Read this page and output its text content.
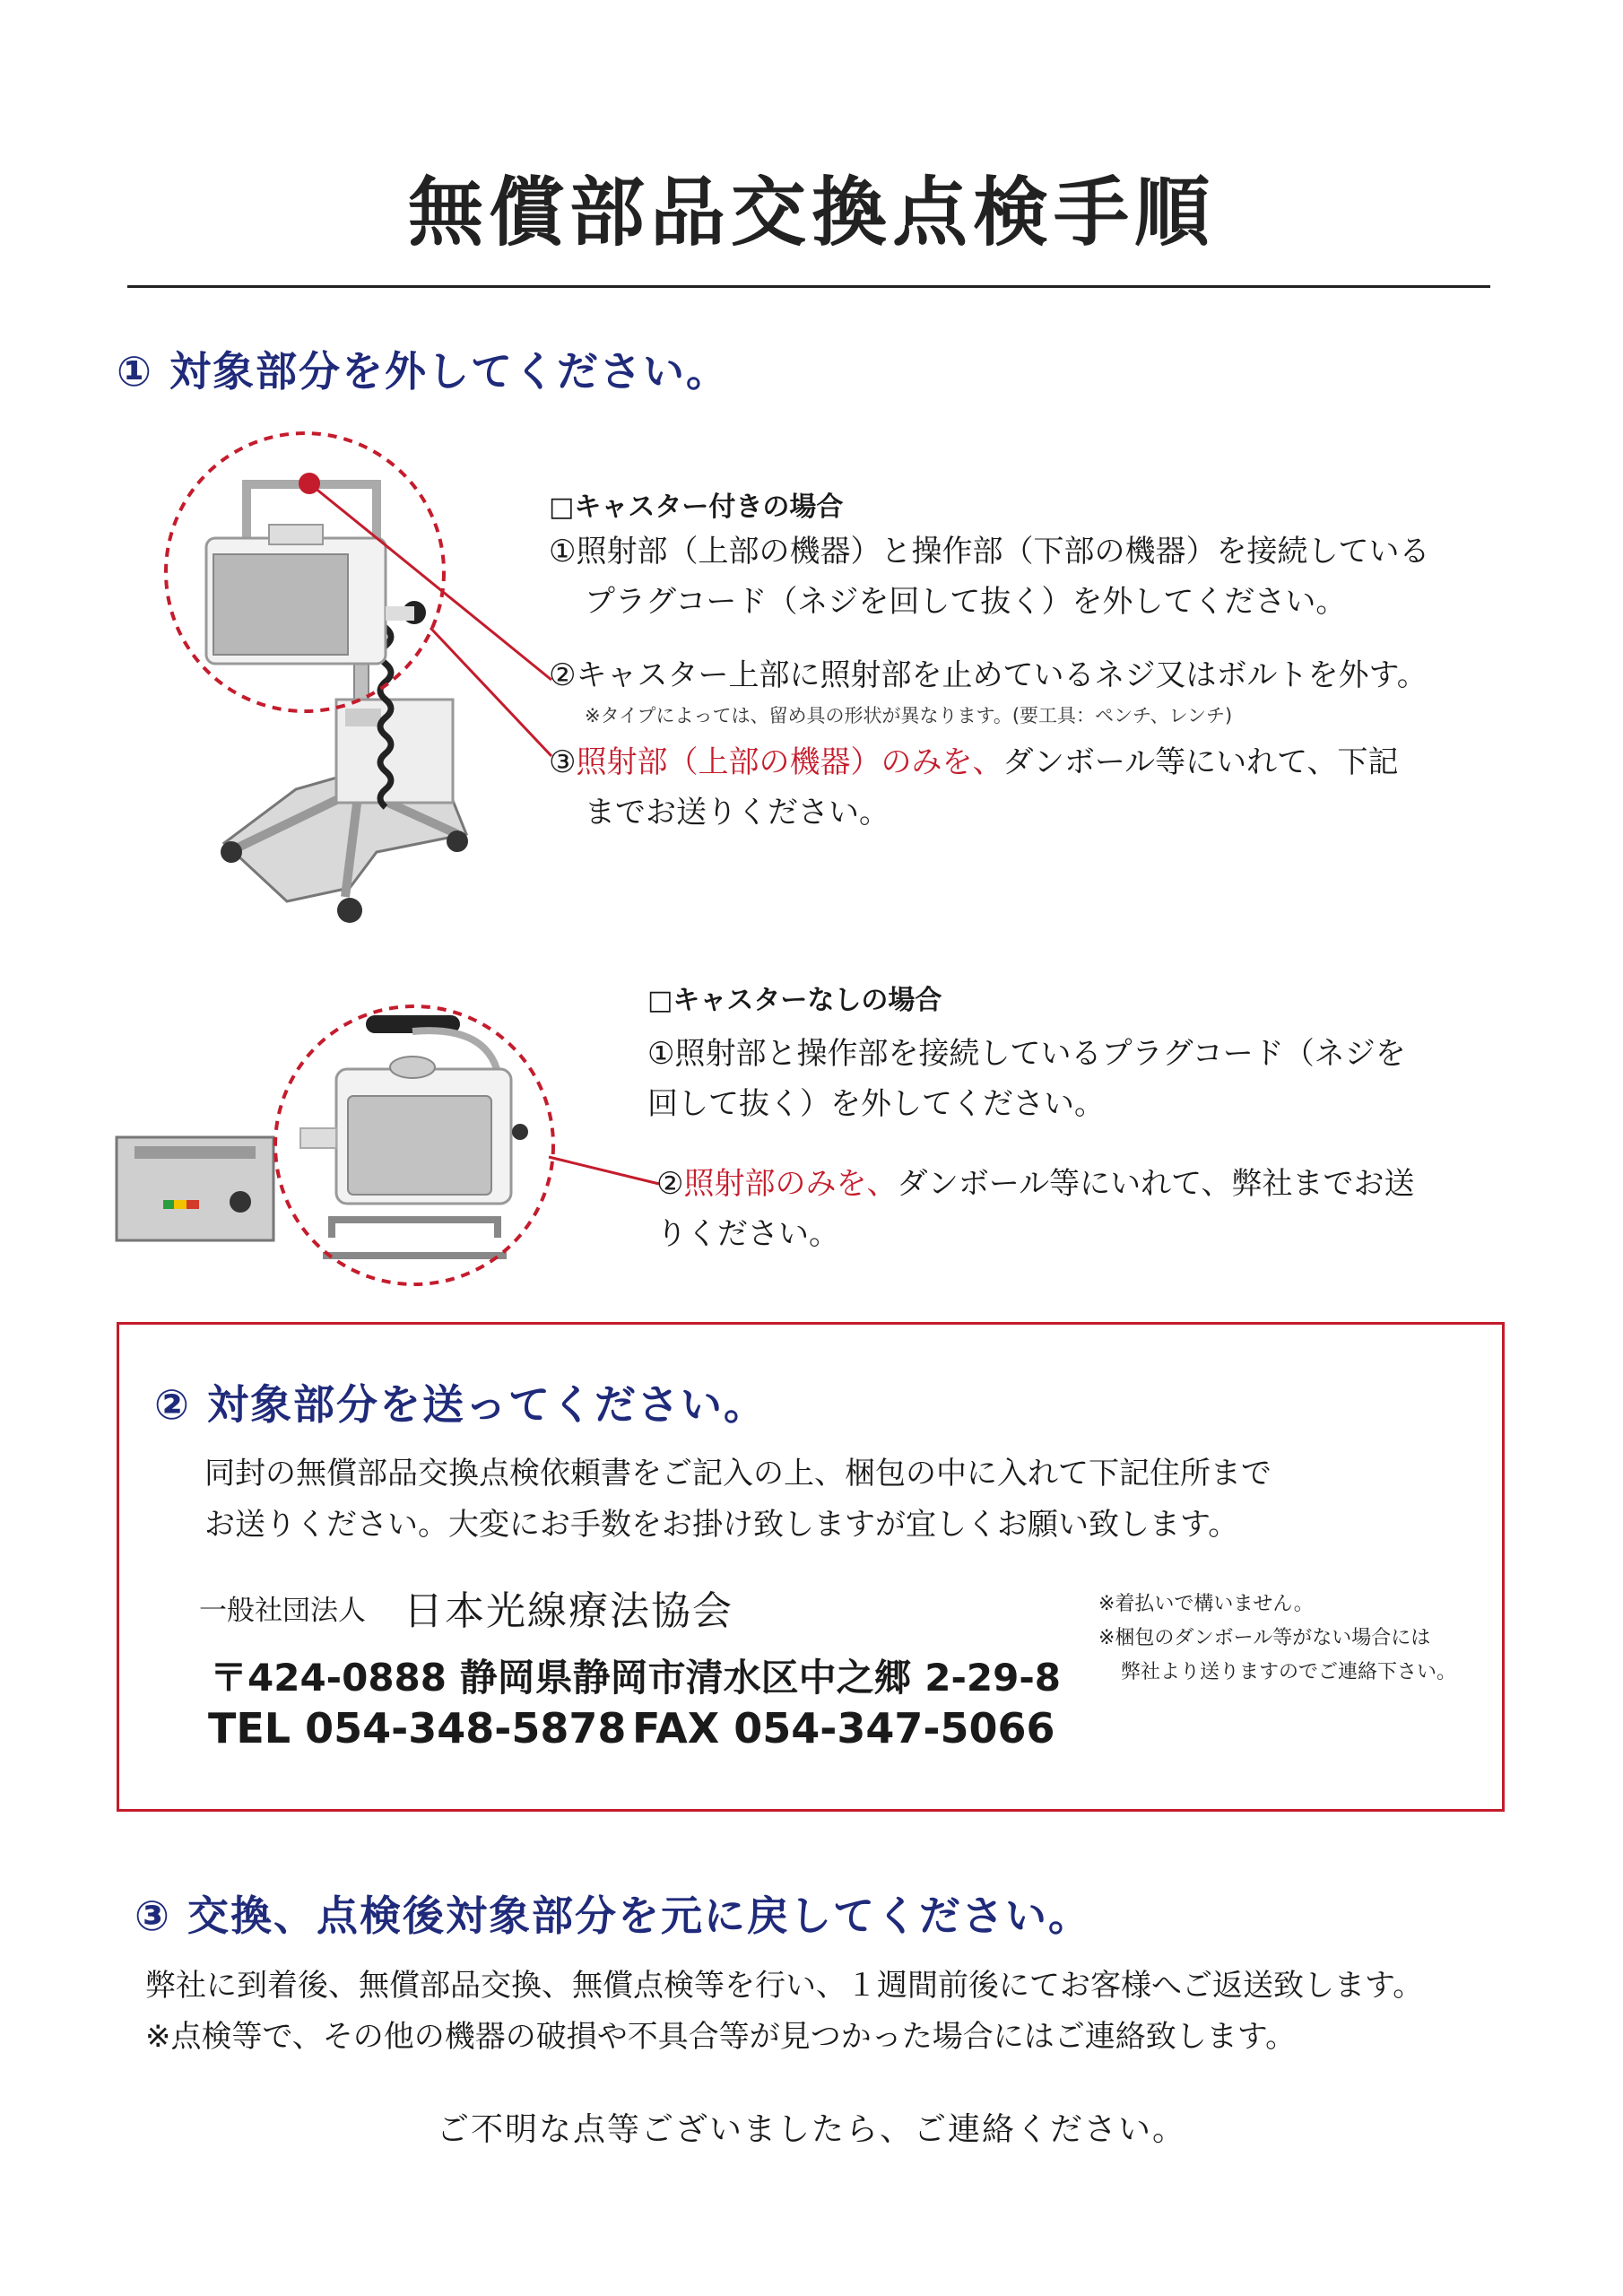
無償部品交換点検手順
① 対象部分を外してください。
□キャスター付きの場合
①照射部（上部の機器）と操作部（下部の機器）を接続している
プラグコード（ネジを回して抜く）を外してください。
②キャスター上部に照射部を止めているネジ又はボルトを外す。
※タイプによっては、留め具の形状が異なります。(要工具：ペンチ、レンチ)
③照射部（上部の機器）のみを、ダンボール等にいれて、下記
までお送りください。
□キャスターなしの場合
①照射部と操作部を接続しているプラグコード（ネジを
回して抜く）を外してください。
②照射部のみを、ダンボール等にいれて、弊社までお送
りください。
② 対象部分を送ってください。
同封の無償部品交換点検依頼書をご記入の上、梱包の中に入れて下記住所まで
お送りください。大変にお手数をお掛け致しますが宜しくお願い致します。
一般社団法人 日本光線療法協会
〒424-0888 静岡県静岡市清水区中之郷 2-29-8
TEL 054-348-5878 FAX 054-347-5066
※着払いで構いません。
※梱包のダンボール等がない場合には
弊社より送りますのでご連絡下さい。
③ 交換、点検後対象部分を元に戻してください。
弊社に到着後、無償部品交換、無償点検等を行い、１週間前後にてお客様へご返送致します。
※点検等で、その他の機器の破損や不具合等が見つかった場合にはご連絡致します。
ご不明な点等ございましたら、ご連絡ください。
